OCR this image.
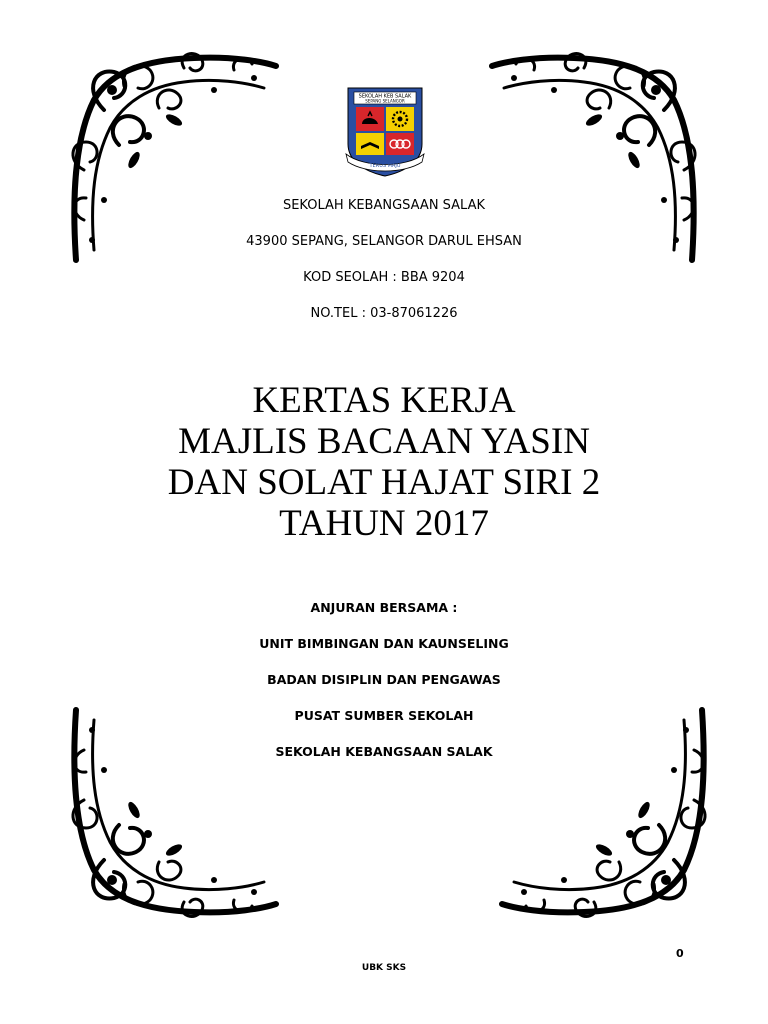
SEKOLAH KEB SALAK
SEPANG SELANGOR
TERUS MAJU
SEKOLAH KEBANGSAAN SALAK
43900 SEPANG, SELANGOR DARUL EHSAN
KOD SEOLAH : BBA 9204
NO.TEL : 03-87061226
KERTAS KERJA
MAJLIS BACAAN YASIN
DAN SOLAT HAJAT SIRI 2
TAHUN 2017
ANJURAN BERSAMA :
UNIT BIMBINGAN DAN KAUNSELING
BADAN DISIPLIN DAN PENGAWAS
PUSAT SUMBER SEKOLAH
SEKOLAH KEBANGSAAN SALAK
0
UBK SKS
